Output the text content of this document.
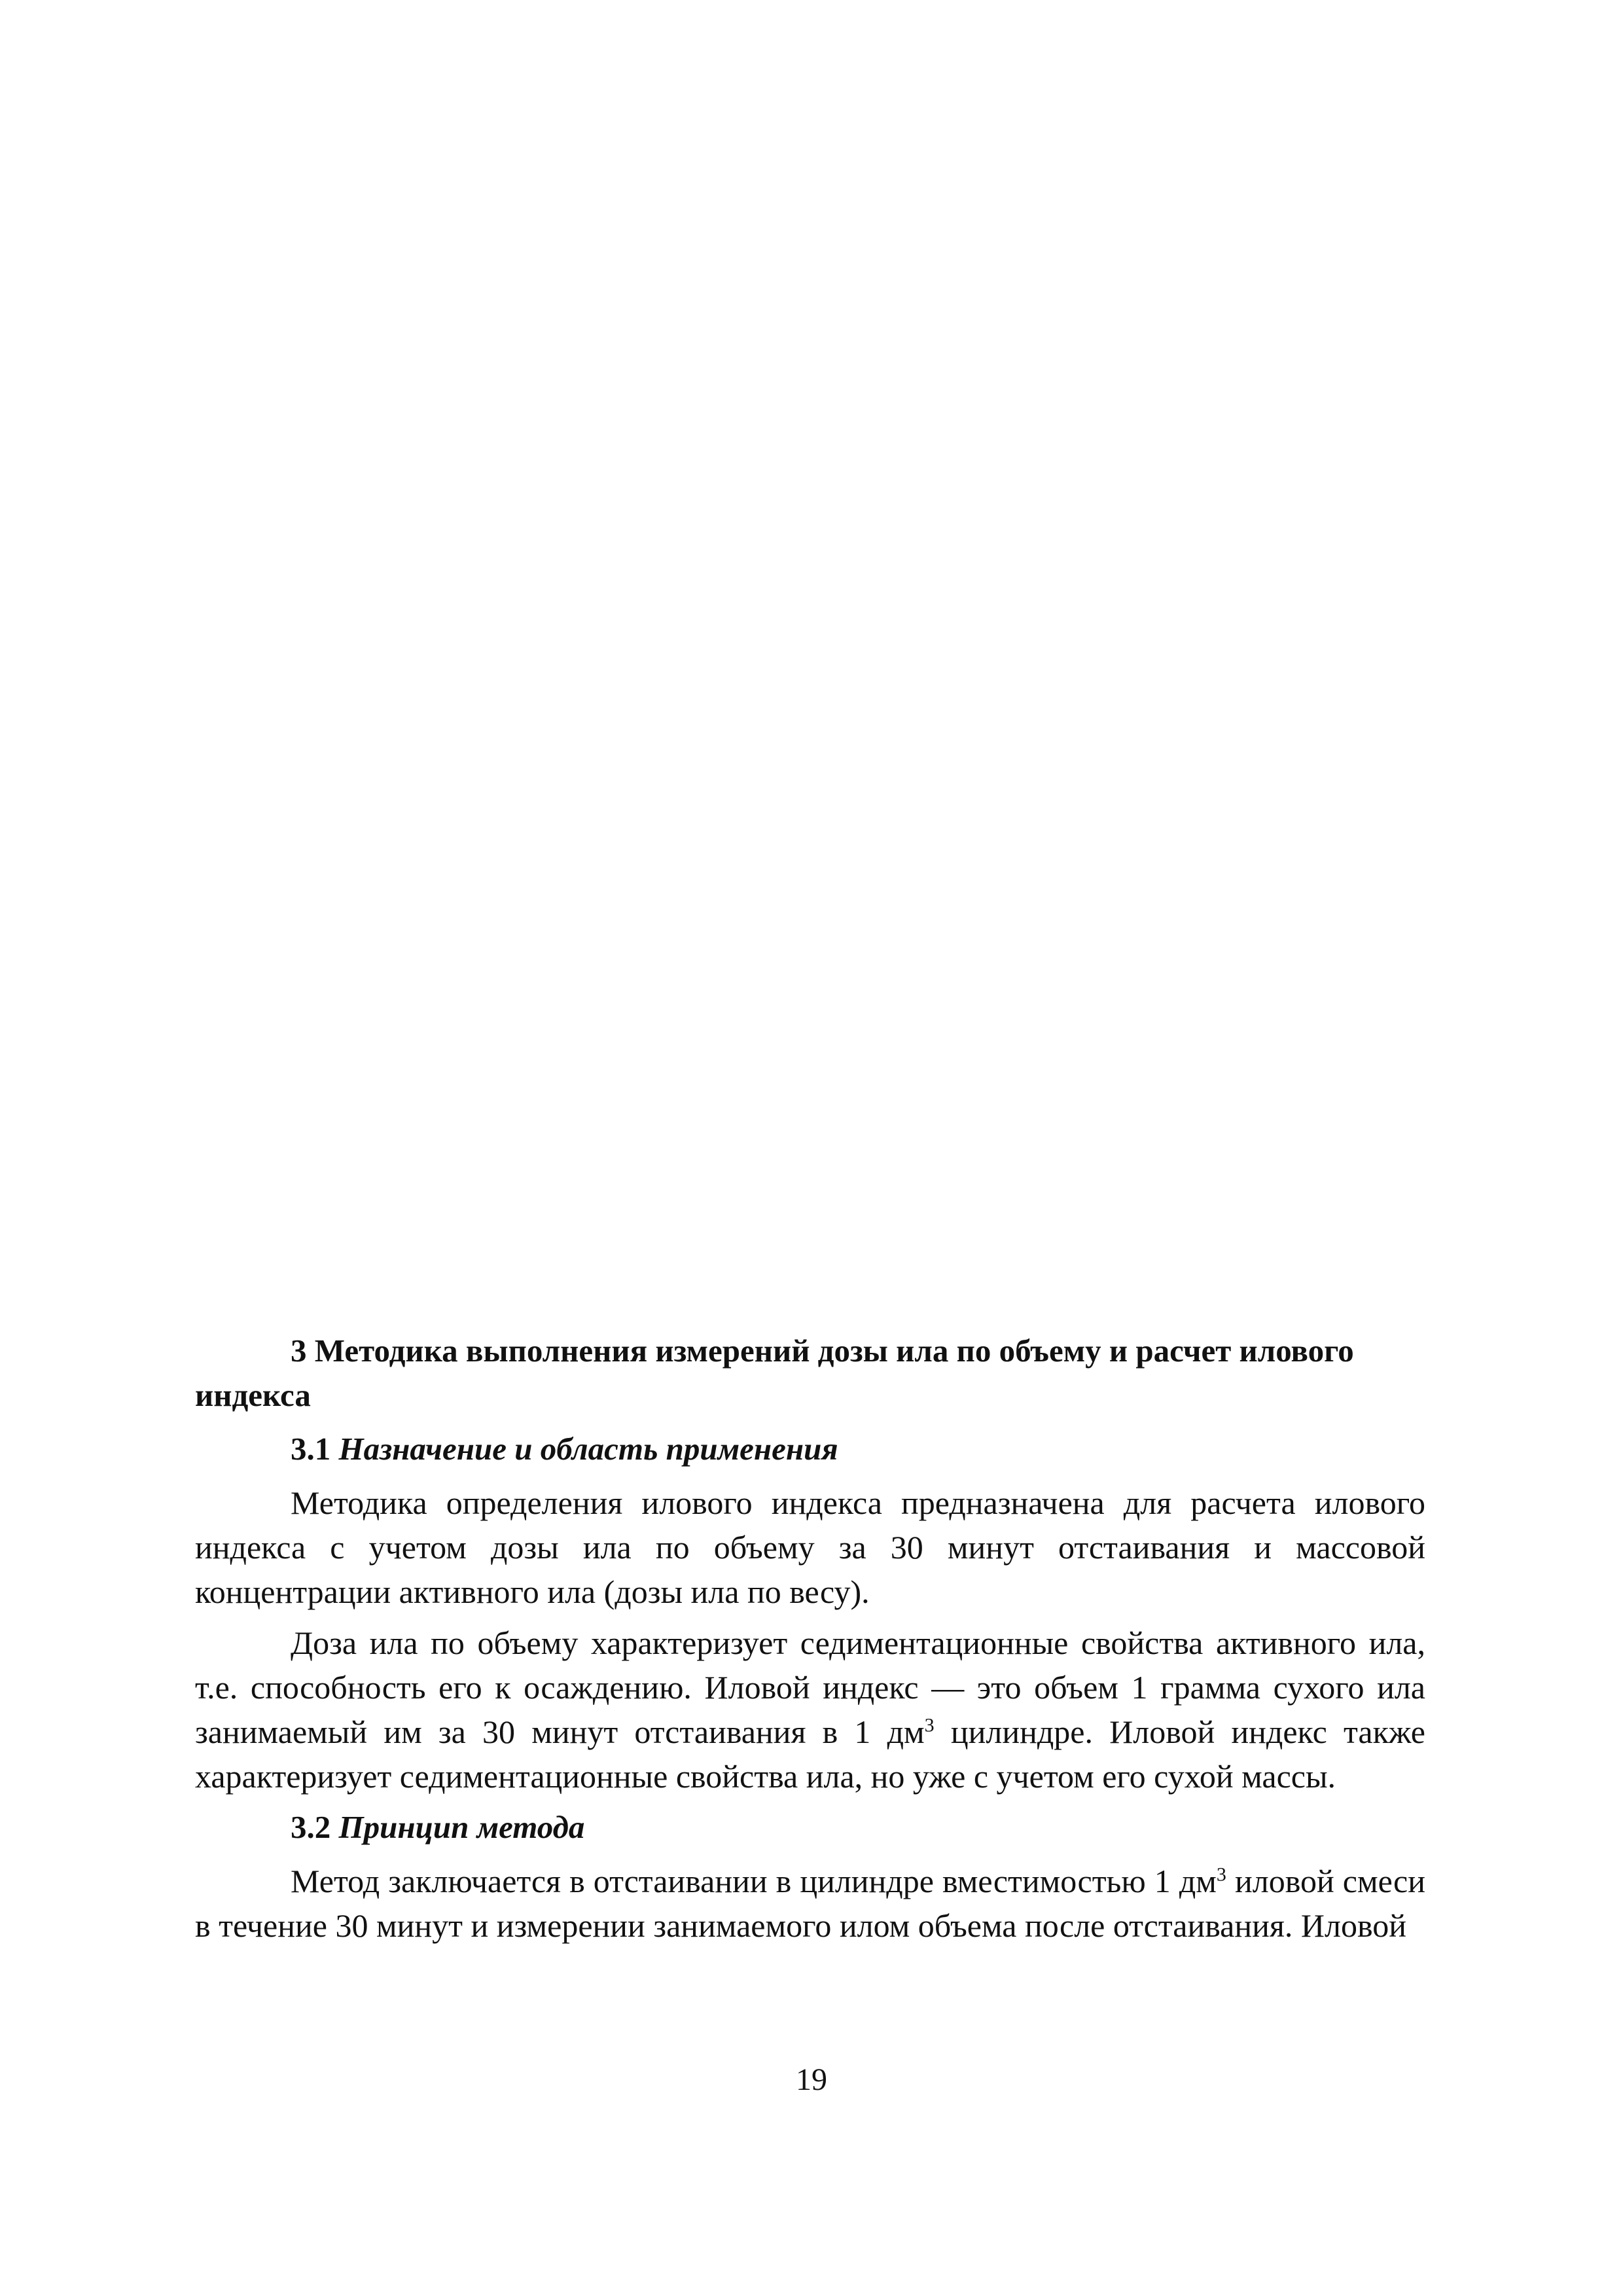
3 Методика выполнения измерений дозы ила по объему и расчет илового индекса

3.1 Назначение и область применения

Методика определения илового индекса предназначена для расчета илового индекса с учетом дозы ила по объему за 30 минут отстаивания и массовой концентрации активного ила (дозы ила по весу).

Доза ила по объему характеризует седиментационные свойства активного ила, т.е. способность его к осаждению. Иловой индекс — это объем 1 грамма сухого ила занимаемый им за 30 минут отстаивания в 1 $дм^3$ цилиндре. Иловой индекс также характеризует седиментационные свойства ила, но уже с учетом его сухой массы.

3.2 Принцип метода

Метод заключается в отстаивании в цилиндре вместимостью 1 $дм^3$ иловой смеси в течение 30 минут и измерении занимаемого илом объема после отстаивания. Иловой

19
